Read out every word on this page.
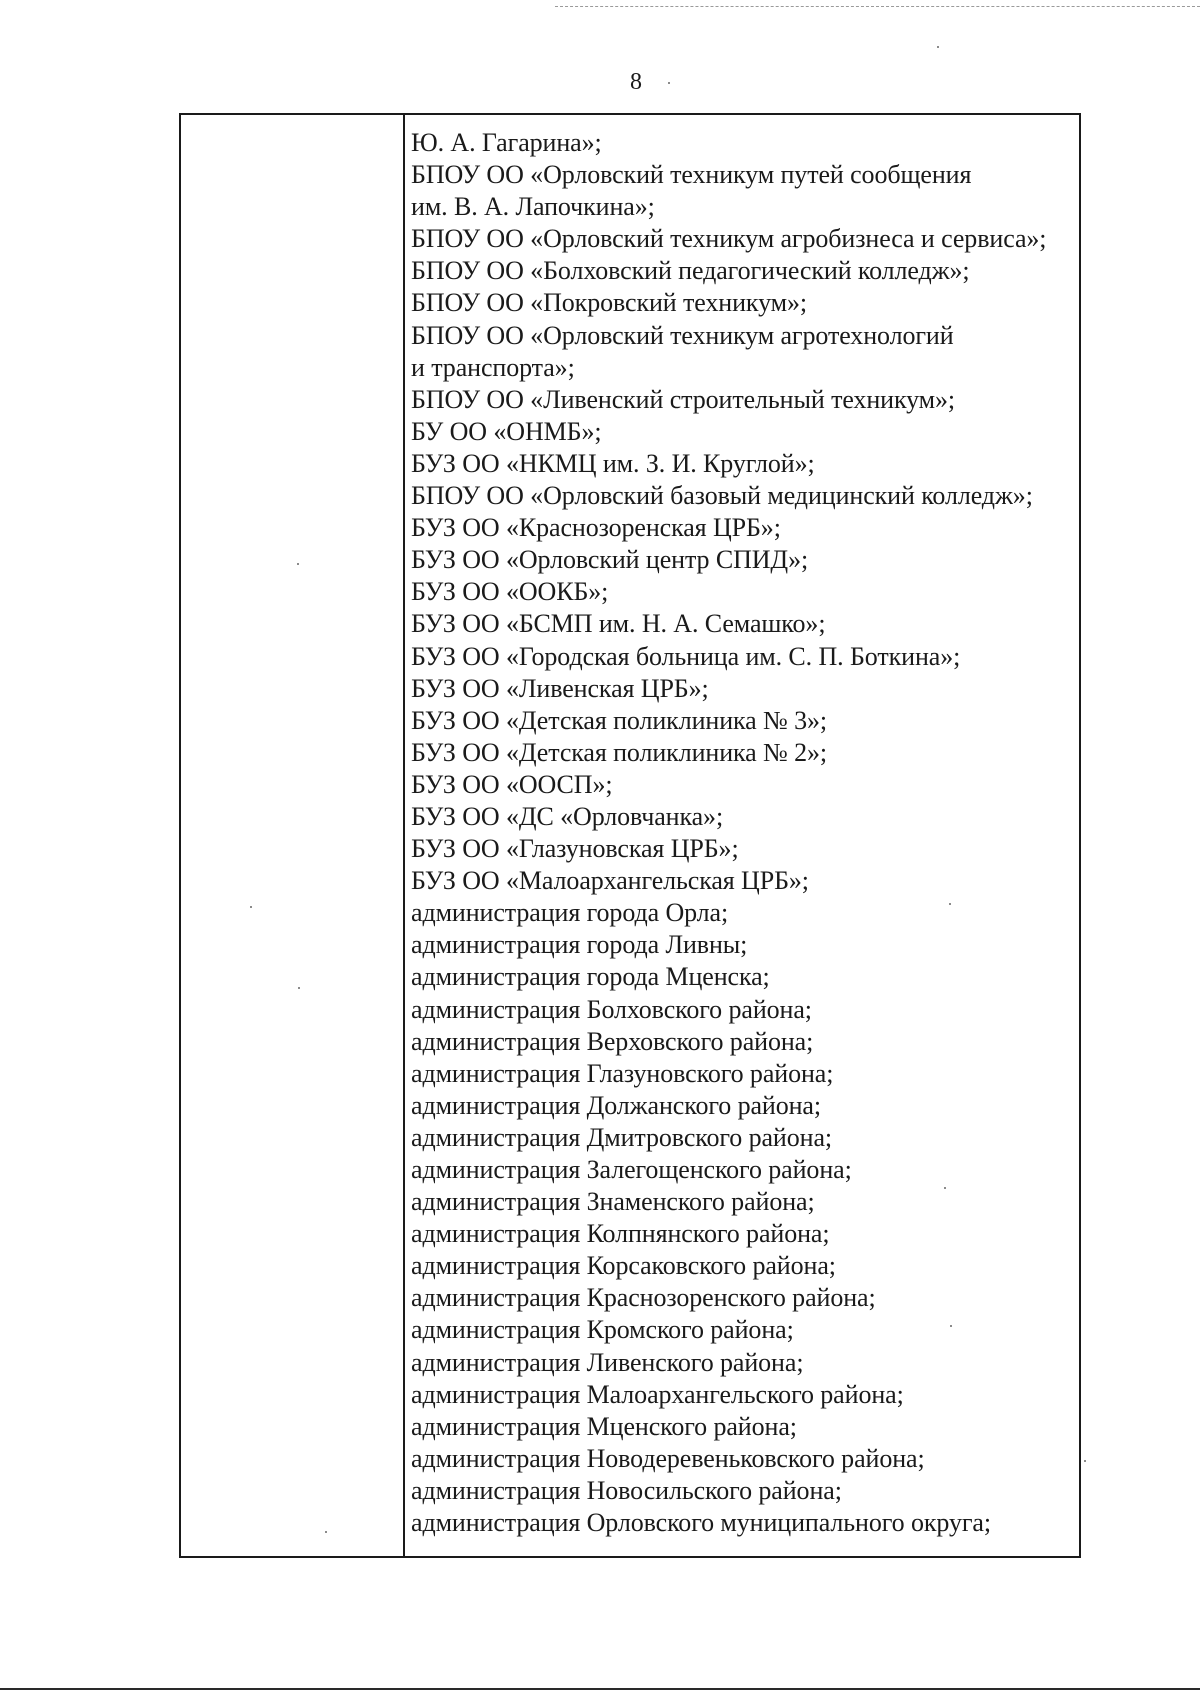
8
Ю. А. Гагарина»;
БПОУ ОО «Орловский техникум путей сообщения
им. В. А. Лапочкина»;
БПОУ ОО «Орловский техникум агробизнеса и сервиса»;
БПОУ ОО «Болховский педагогический колледж»;
БПОУ ОО «Покровский техникум»;
БПОУ ОО «Орловский техникум агротехнологий
и транспорта»;
БПОУ ОО «Ливенский строительный техникум»;
БУ ОО «ОНМБ»;
БУЗ ОО «НКМЦ им. З. И. Круглой»;
БПОУ ОО «Орловский базовый медицинский колледж»;
БУЗ ОО «Краснозоренская ЦРБ»;
БУЗ ОО «Орловский центр СПИД»;
БУЗ ОО «ООКБ»;
БУЗ ОО «БСМП им. Н. А. Семашко»;
БУЗ ОО «Городская больница им. С. П. Боткина»;
БУЗ ОО «Ливенская ЦРБ»;
БУЗ ОО «Детская поликлиника № 3»;
БУЗ ОО «Детская поликлиника № 2»;
БУЗ ОО «ООСП»;
БУЗ ОО «ДС «Орловчанка»;
БУЗ ОО «Глазуновская ЦРБ»;
БУЗ ОО «Малоархангельская ЦРБ»;
администрация города Орла;
администрация города Ливны;
администрация города Мценска;
администрация Болховского района;
администрация Верховского района;
администрация Глазуновского района;
администрация Должанского района;
администрация Дмитровского района;
администрация Залегощенского района;
администрация Знаменского района;
администрация Колпнянского района;
администрация Корсаковского района;
администрация Краснозоренского района;
администрация Кромского района;
администрация Ливенского района;
администрация Малоархангельского района;
администрация Мценского района;
администрация Новодеревеньковского района;
администрация Новосильского района;
администрация Орловского муниципального округа;
